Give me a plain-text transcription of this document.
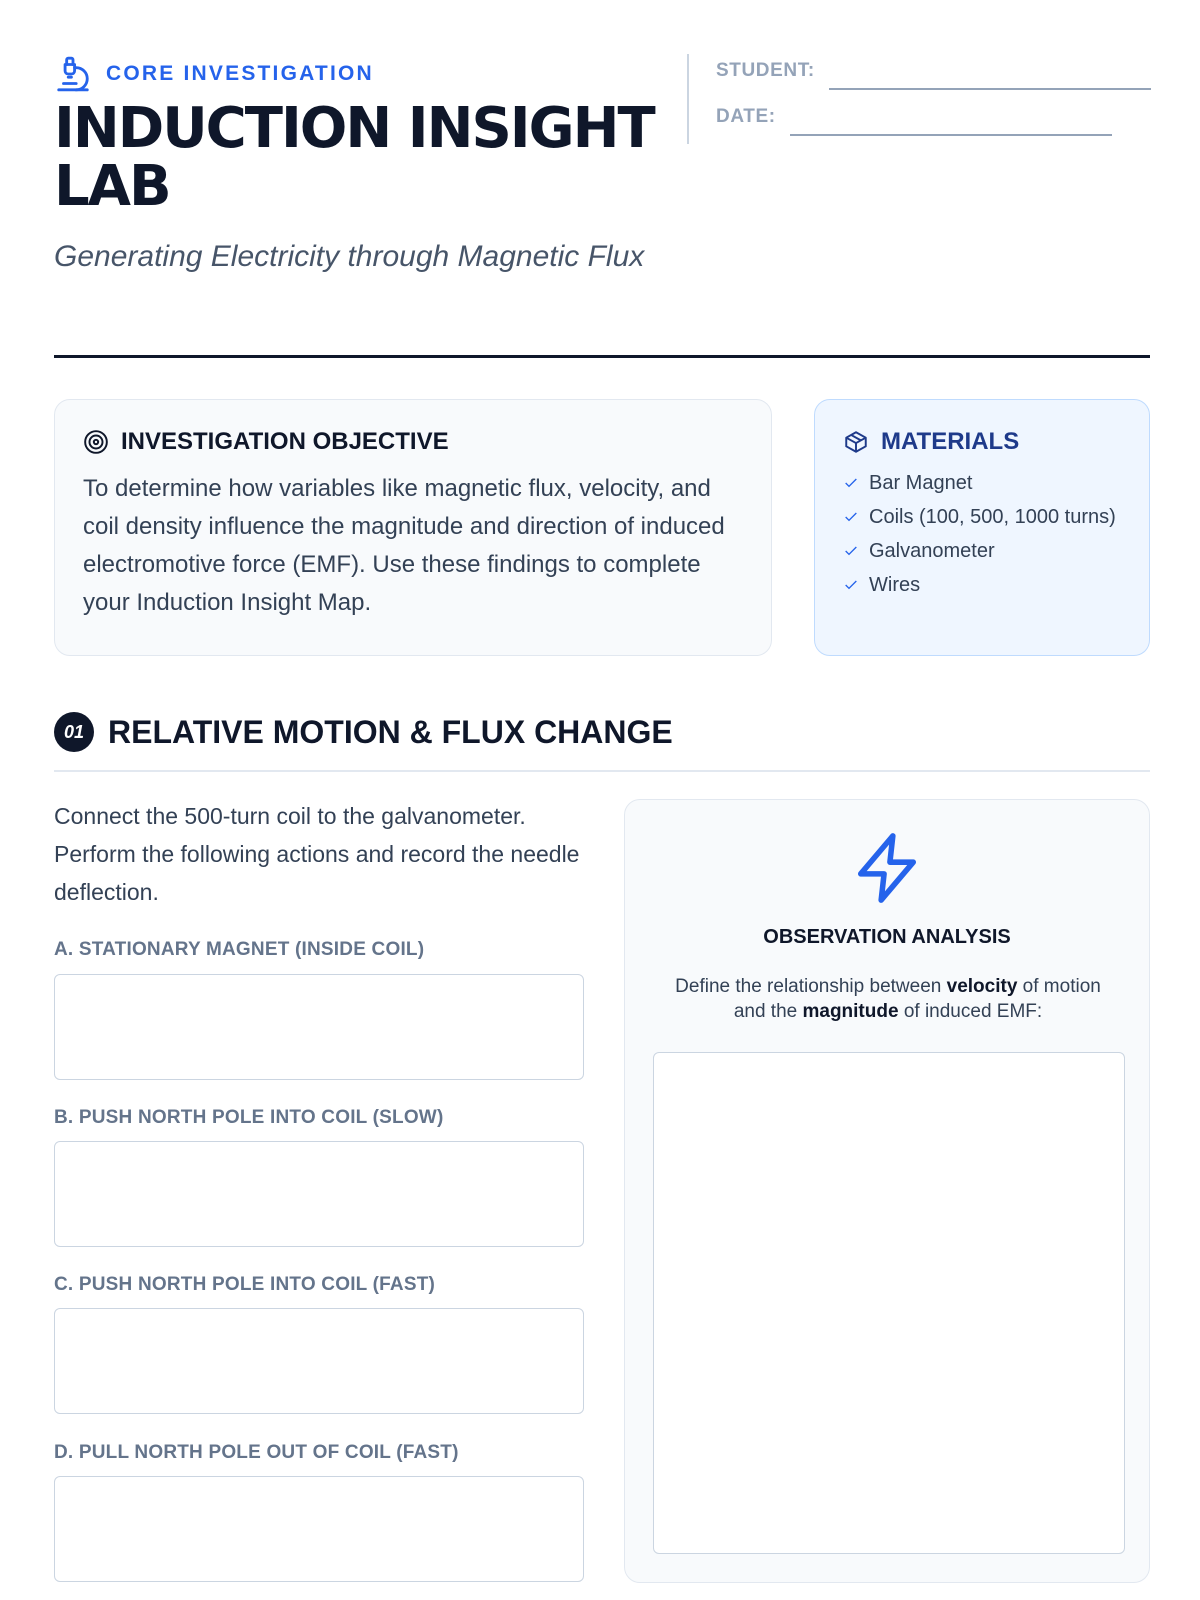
CORE INVESTIGATION
INDUCTION INSIGHT LAB
Generating Electricity through Magnetic Flux
STUDENT:
DATE:
INVESTIGATION OBJECTIVE

To determine how variables like magnetic flux, velocity, and coil density influence the magnitude and direction of induced electromotive force (EMF). Use these findings to complete your Induction Insight Map.

MATERIALS
Bar Magnet
Coils (100, 500, 1000 turns)
Galvanometer
Wires
01 RELATIVE MOTION & FLUX CHANGE

Connect the 500-turn coil to the galvanometer. Perform the following actions and record the needle deflection.

A. STATIONARY MAGNET (INSIDE COIL)
B. PUSH NORTH POLE INTO COIL (SLOW)
C. PUSH NORTH POLE INTO COIL (FAST)
D. PULL NORTH POLE OUT OF COIL (FAST)
OBSERVATION ANALYSIS

Define the relationship between velocity of motion and the magnitude of induced EMF:
